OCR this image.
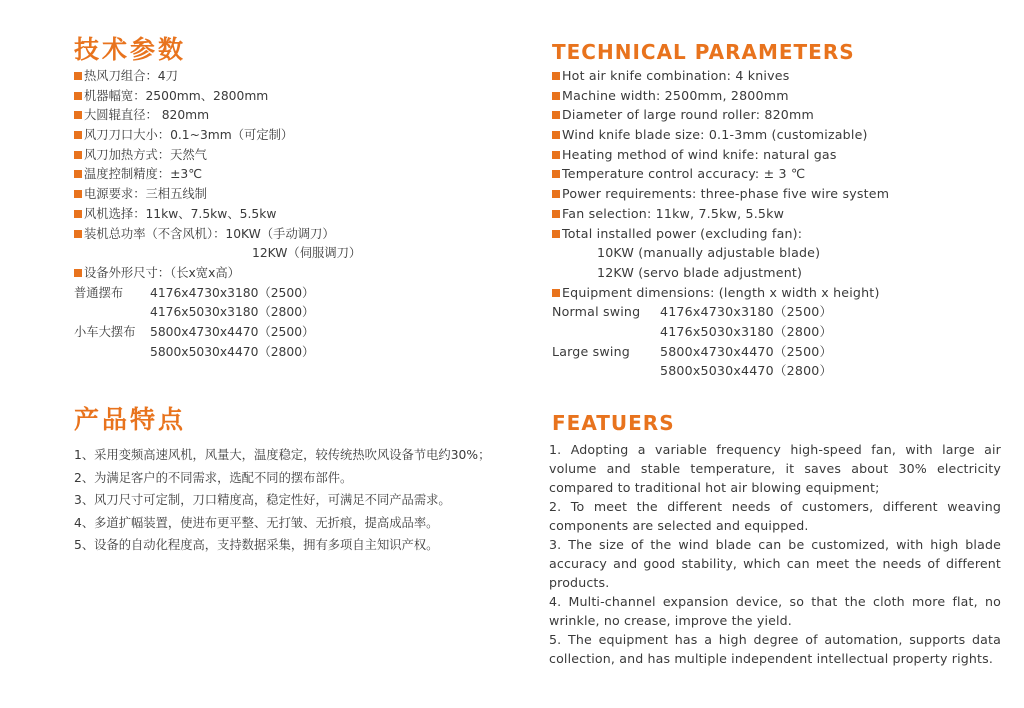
技术参数
热风刀组合：4刀
机器幅宽：2500mm、2800mm
大圆辊直径： 820mm
风刀刀口大小：0.1~3mm（可定制）
风刀加热方式：天然气
温度控制精度：±3℃
电源要求：三相五线制
风机选择：11kw、7.5kw、5.5kw
装机总功率（不含风机）：10KW（手动调刀）
12KW（伺服调刀）
设备外形尺寸：（长x宽x高）
普通摆布 4176x4730x3180（2500）
4176x5030x3180（2800）
小车大摆布 5800x4730x4470（2500）
5800x5030x4470（2800）
产品特点
1、采用变频高速风机，风量大，温度稳定，较传统热吹风设备节电约30%；
2、为满足客户的不同需求，选配不同的摆布部件。
3、风刀尺寸可定制，刀口精度高，稳定性好，可满足不同产品需求。
4、多道扩幅装置，使进布更平整、无打皱、无折痕，提高成品率。
5、设备的自动化程度高，支持数据采集，拥有多项自主知识产权。
TECHNICAL PARAMETERS
Hot air knife combination: 4 knives
Machine width: 2500mm, 2800mm
Diameter of large round roller: 820mm
Wind knife blade size: 0.1-3mm (customizable)
Heating method of wind knife: natural gas
Temperature control accuracy: ± 3 ℃
Power requirements: three-phase five wire system
Fan selection: 11kw, 7.5kw, 5.5kw
Total installed power (excluding fan):
10KW (manually adjustable blade)
12KW (servo blade adjustment)
Equipment dimensions: (length x width x height)
Normal swing 4176x4730x3180（2500）
4176x5030x3180（2800）
Large swing 5800x4730x4470（2500）
5800x5030x4470（2800）
FEATUERS
1. Adopting a variable frequency high-speed fan, with large air volume and stable temperature, it saves about 30% electricity compared to traditional hot air blowing equipment;
2. To meet the different needs of customers, different weaving components are selected and equipped.
3. The size of the wind blade can be customized, with high blade accuracy and good stability, which can meet the needs of different products.
4. Multi-channel expansion device, so that the cloth more flat, no wrinkle, no crease, improve the yield.
5. The equipment has a high degree of automation, supports data collection, and has multiple independent intellectual property rights.
